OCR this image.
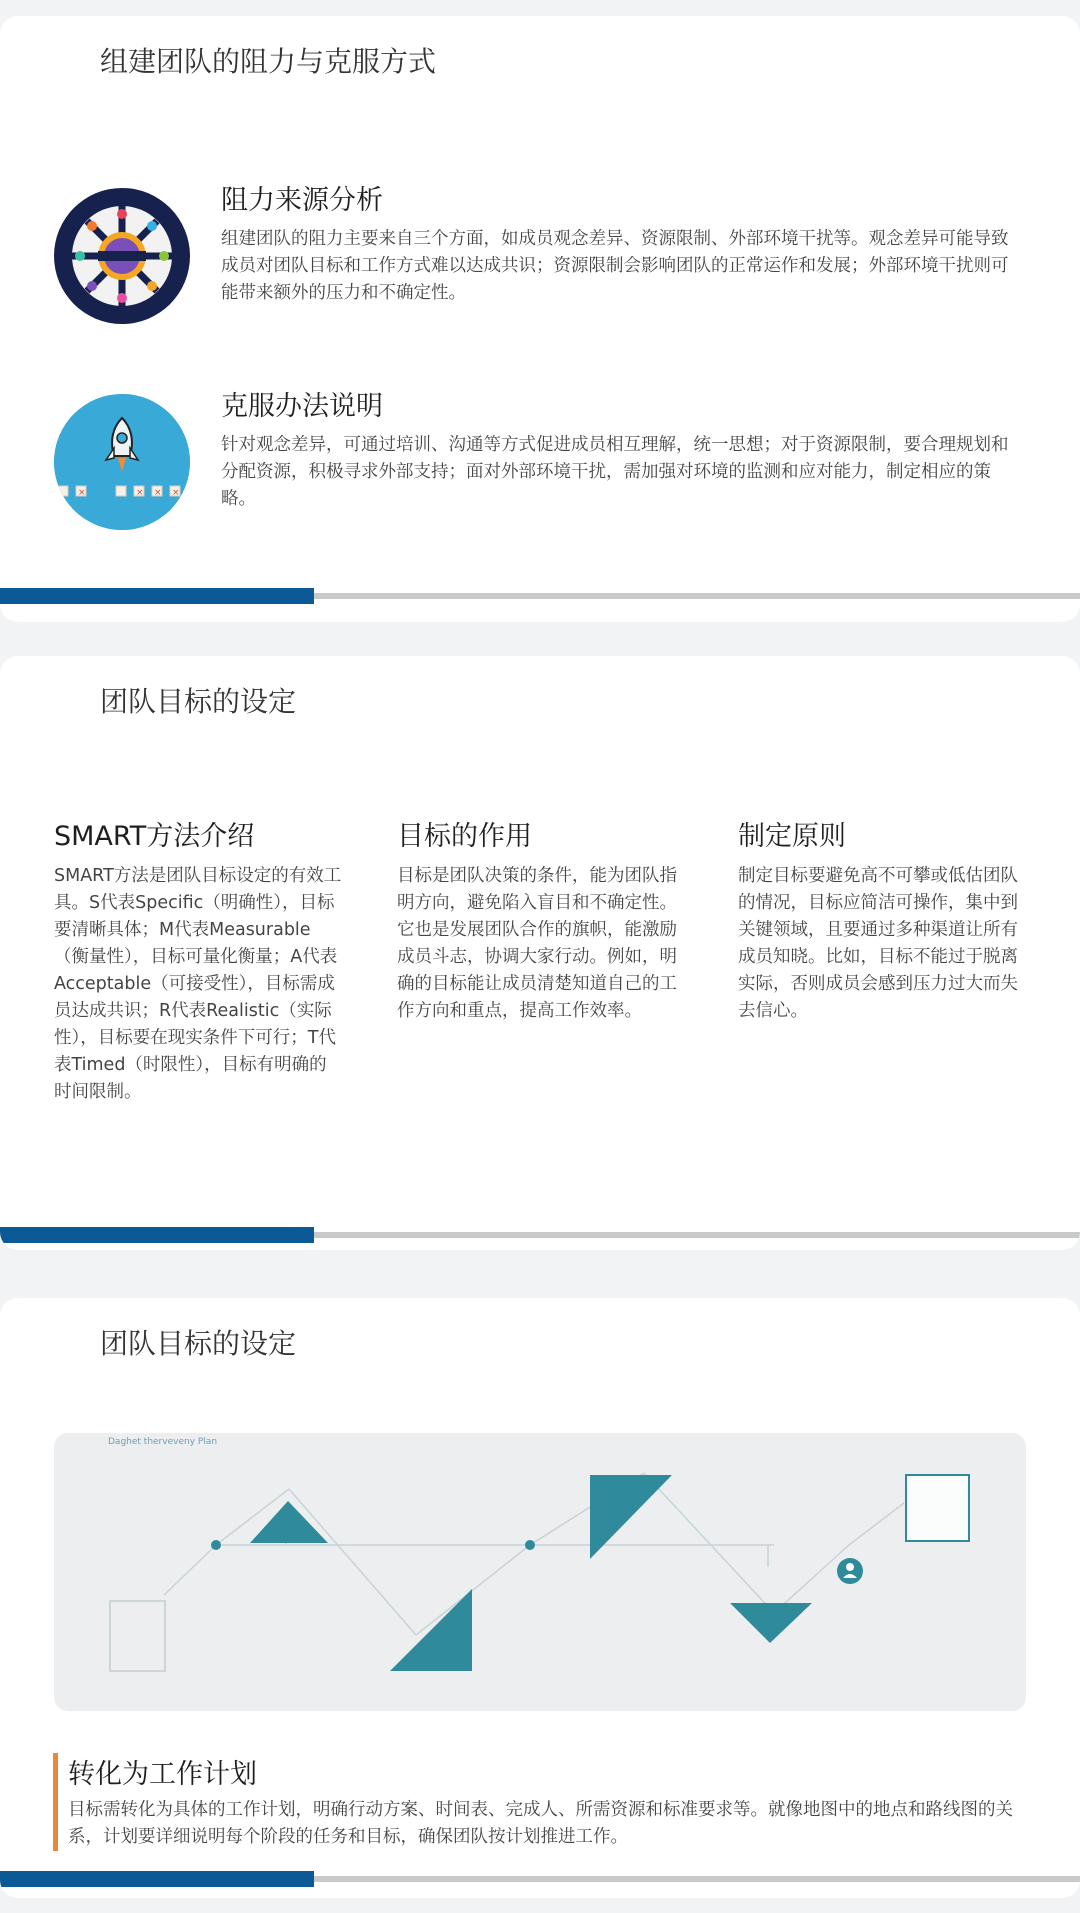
组建团队的阻力与克服方式
阻力来源分析
组建团队的阻力主要来自三个方面，如成员观念差异、资源限制、外部环境干扰等。观念差异可能导致成员对团队目标和工作方式难以达成共识；资源限制会影响团队的正常运作和发展；外部环境干扰则可能带来额外的压力和不确定性。
×	× × ×
克服办法说明
针对观念差异，可通过培训、沟通等方式促进成员相互理解，统一思想；对于资源限制，要合理规划和分配资源，积极寻求外部支持；面对外部环境干扰，需加强对环境的监测和应对能力，制定相应的策略。
团队目标的设定
SMART方法介绍
SMART方法是团队目标设定的有效工具。S代表Specific（明确性），目标要清晰具体；M代表Measurable（衡量性），目标可量化衡量；A代表Acceptable（可接受性），目标需成员达成共识；R代表Realistic（实际性），目标要在现实条件下可行；T代表Timed（时限性），目标有明确的时间限制。
目标的作用
目标是团队决策的条件，能为团队指明方向，避免陷入盲目和不确定性。它也是发展团队合作的旗帜，能激励成员斗志，协调大家行动。例如，明确的目标能让成员清楚知道自己的工作方向和重点，提高工作效率。
制定原则
制定目标要避免高不可攀或低估团队的情况，目标应简洁可操作，集中到关键领域，且要通过多种渠道让所有成员知晓。比如，目标不能过于脱离实际，否则成员会感到压力过大而失去信心。
团队目标的设定
Daghet therveveny Plan
转化为工作计划
目标需转化为具体的工作计划，明确行动方案、时间表、完成人、所需资源和标准要求等。就像地图中的地点和路线图的关系，计划要详细说明每个阶段的任务和目标，确保团队按计划推进工作。
